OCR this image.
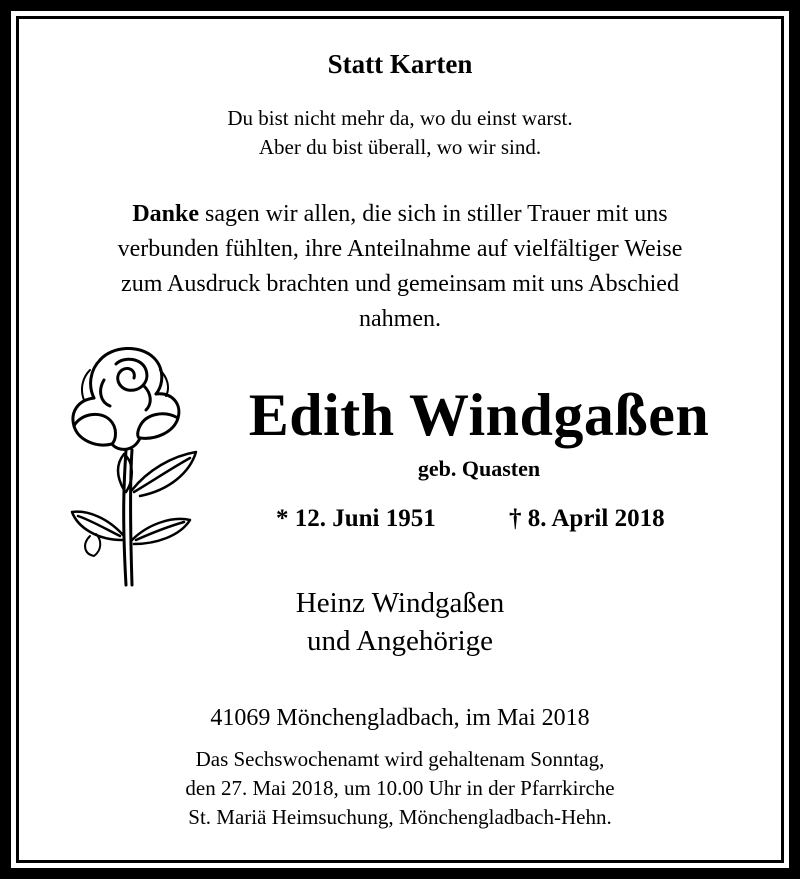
Statt Karten
Du bist nicht mehr da, wo du einst warst.
Aber du bist überall, wo wir sind.
Danke sagen wir allen, die sich in stiller Trauer mit uns
verbunden fühlten, ihre Anteilnahme auf vielfältiger Weise
zum Ausdruck brachten und gemeinsam mit uns Abschied
nahmen.
Edith Windgaßen
geb. Quasten
* 12. Juni 1951	† 8. April 2018
Heinz Windgaßen
und Angehörige
41069 Mönchengladbach, im Mai 2018
Das Sechswochenamt wird gehaltenam Sonntag,
den 27. Mai 2018, um 10.00 Uhr in der Pfarrkirche
St. Mariä Heimsuchung, Mönchengladbach-Hehn.
